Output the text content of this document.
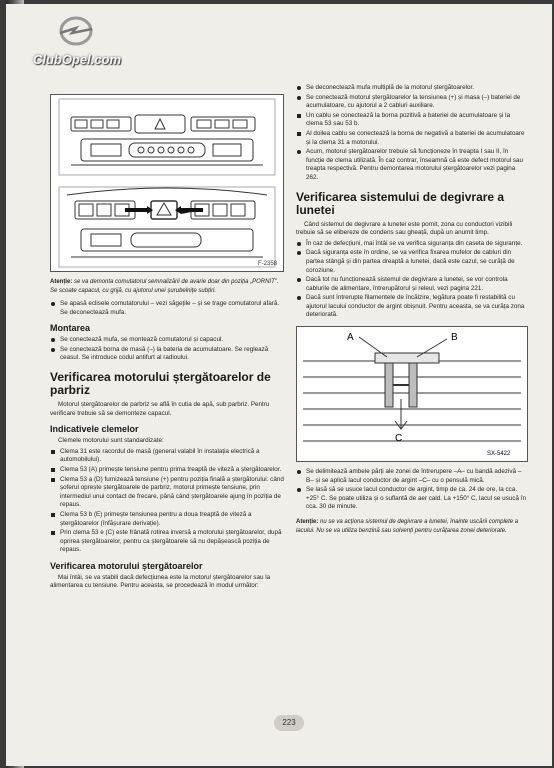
ClubOpel.com
F-2358
Atenție: se va demonta comutatorul semnalizării de avarie doar din poziția „PORNIT". Se scoate capacul, cu grijă, cu ajutorul unei șurubelnițe subțiri.
Se apasă eclisele comutatorului – vezi săgețile – și se trage comutatorul afară. Se deconectează mufa.
Montarea
Se conectează mufa, se montează comutatorul și capacul.
Se conectează borna de masă (–) la bateria de acumulatoare. Se reglează ceasul. Se introduce codul antifurt al radioului.
Verificarea motorului ștergătoarelor de parbriz

Motorul ștergătoarelor de parbriz se află în cutia de apă, sub parbriz. Pentru verificare trebuie să se demonteze capacul.

Indicativele clemelor

Clemele motorului sunt standardizate:

Clema 31 este racordul de masă (general valabil în instalația electrică a automobilului).
Clema 53 (A) primește tensiune pentru prima treaptă de viteză a ștergătoarelor.
Clema 53 a (D) furnizează tensiune (+) pentru poziția finală a ștergătorului: când șoferul oprește ștergătoarele de parbriz, motorul primește tensiune, prin intermediul unui contact de frecare, până când ștergătoarele ajung în poziția de repaus.
Clema 53 b (E) primește tensiunea pentru a doua treaptă de viteză a ștergătoarelor (înfășurare derivație).
Prin clema 53 e (C) este frânată rotirea inversă a motorului ștergătoarelor, după oprirea ștergătoarelor, pentru ca ștergătoarele să nu depășească poziția de repaus.
Verificarea motorului ștergătoarelor

Mai întâi, se va stabili dacă defecțiunea este la motorul ștergătoarelor sau la alimentarea cu tensiune. Pentru aceasta, se procedează în modul următor:

Se deconectează mufa multiplă de la motorul ștergătoarelor.
Se conectează motorul ștergătoarelor la tensiunea (+) și masa (–) bateriei de acumulatoare, cu ajutorul a 2 cabluri auxiliare.
Un cablu se conectează la borna pozitivă a bateriei de acumulatoare și la clema 53 sau 53 b.
Al doilea cablu se conectează la borna de negativă a bateriei de acumulatoare și la clema 31 a motorului.
Acum, motorul ștergătoarelor trebuie să funcționeze în treapta I sau II, în funcție de clema utilizată. În caz contrar, înseamnă că este defect motorul sau treapta respectivă. Pentru demontarea motorului ștergătoarelor vezi pagina 262.
Verificarea sistemului de degivrare a lunetei

Când sistemul de degivrare a lunetei este pornit, zona cu conductori vizibili trebuie să se elibereze de condens sau gheață, după un anumit timp.

În caz de defecțiuni, mai întâi se va verifica siguranța din caseta de siguranțe.
Dacă siguranța este în ordine, se va verifica fixarea mufelor de cabluri din partea stângă și din partea dreaptă a lunetei, dacă este cazul, se curăță de coroziune.
Dacă tot nu funcționează sistemul de degivrare a lunetei, se vor controla cablurile de alimentare, întrerupătorul și releul, vezi pagina 221.
Dacă sunt întrerupte filamentele de încălzire, legătura poate fi restabilită cu ajutorul lacului conductor de argint obișnuit. Pentru aceasta, se va curăța zona deteriorată.
A	B
C
SX-5422
Se delimitează ambele părți ale zonei de întrerupere –A– cu bandă adezivă –B– și se aplică lacul conductor de argint –C– cu o pensulă mică.
Se lasă să se usuce lacul conductor de argint, timp de ca. 24 de ore, la cca. +25° C. Se poate utiliza și o suflantă de aer cald. La +150° C, lacul se usucă în cca. 30 de minute.
Atenție: nu se va acționa sistemul de degivrare a lunetei, înainte uscării complete a lacului. Nu se va utiliza benzină sau solvenți pentru curățarea zonei deteriorate.
223
